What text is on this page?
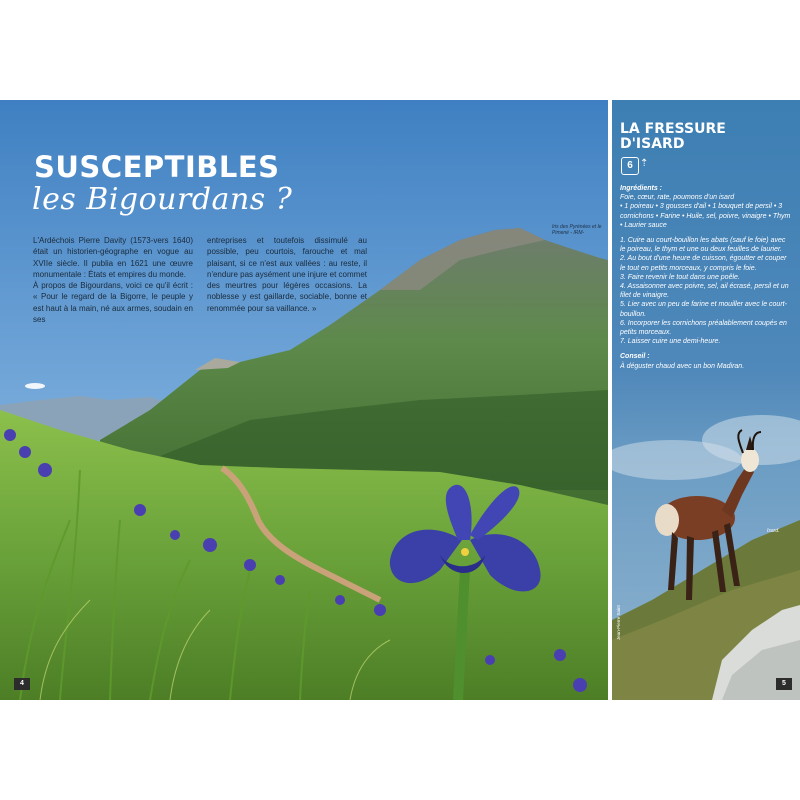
SUSCEPTIBLES
les Bigourdans ?

L'Ardéchois Pierre Davity (1573-vers 1640) était un historien-géographe en vogue au XVIIe siècle. Il publia en 1621 une œuvre monumentale : États et empires du monde.

À propos de Bigourdans, voici ce qu'il écrit : « Pour le regard de la Bigorre, le peuple y est haut à la main, né aux armes, soudain en ses

entreprises et toutefois dissimulé au possible, peu courtois, farouche et mal plaisant, si ce n'est aux vallées : au reste, il n'endure pas aysément une injure et commet des meurtres pour légères occasions. La noblesse y est gaillarde, sociable, bonne et renommée pour sa vaillance. »

Iris des Pyrénées et le Pimené - IRM-
4
LA FRESSURE
D'ISARD
6 ⇡
Ingrédients :
Foie, cœur, rate, poumons d'un isard
• 1 poireau • 3 gousses d'ail • 1 bouquet de persil • 3 cornichons • Farine • Huile, sel, poivre, vinaigre • Thym • Laurier sauce
1. Cuire au court-bouillon les abats (sauf le foie) avec le poireau, le thym et une ou deux feuilles de laurier.
2. Au bout d'une heure de cuisson, égoutter et couper le tout en petits morceaux, y compris le foie.
3. Faire revenir le tout dans une poêle.
4. Assaisonner avec poivre, sel, ail écrasé, persil et un filet de vinaigre.
5. Lier avec un peu de farine et mouiller avec le court-bouillon.
6. Incorporer les cornichons préalablement coupés en petits morceaux.
7. Laisser cuire une demi-heure.
Conseil :
À déguster chaud avec un bon Madiran.
Isard.
Jean-Pierre Saint
5
